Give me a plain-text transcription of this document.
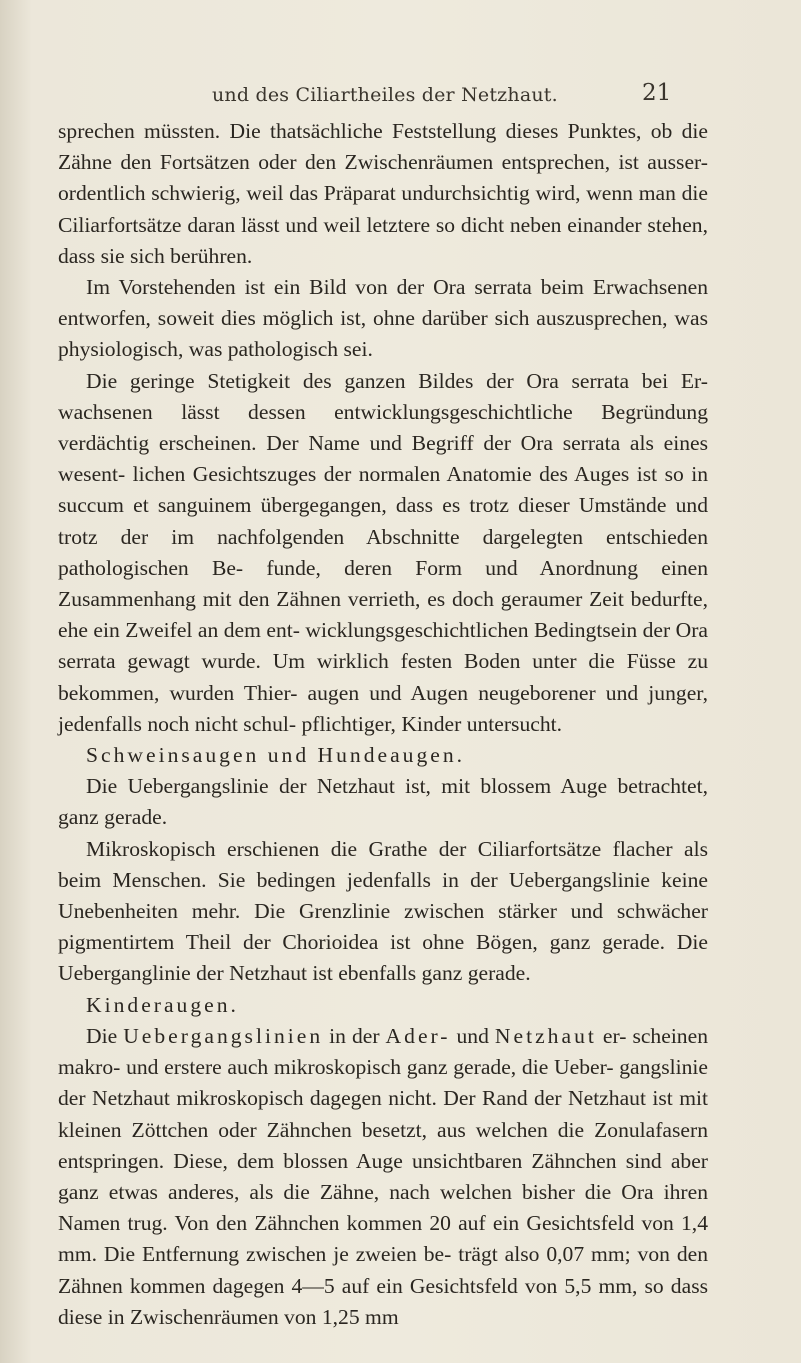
und des Ciliartheiles der Netzhaut.	21

sprechen müssten. Die thatsächliche Feststellung dieses Punktes, ob die Zähne den Fortsätzen oder den Zwischenräumen entsprechen, ist ausser- ordentlich schwierig, weil das Präparat undurchsichtig wird, wenn man die Ciliarfortsätze daran lässt und weil letztere so dicht neben einander stehen, dass sie sich berühren.

Im Vorstehenden ist ein Bild von der Ora serrata beim Erwachsenen entworfen, soweit dies möglich ist, ohne darüber sich auszusprechen, was physiologisch, was pathologisch sei.

Die geringe Stetigkeit des ganzen Bildes der Ora serrata bei Er- wachsenen lässt dessen entwicklungsgeschichtliche Begründung verdächtig erscheinen. Der Name und Begriff der Ora serrata als eines wesent- lichen Gesichtszuges der normalen Anatomie des Auges ist so in succum et sanguinem übergegangen, dass es trotz dieser Umstände und trotz der im nachfolgenden Abschnitte dargelegten entschieden pathologischen Be- funde, deren Form und Anordnung einen Zusammenhang mit den Zähnen verrieth, es doch geraumer Zeit bedurfte, ehe ein Zweifel an dem ent- wicklungsgeschichtlichen Bedingtsein der Ora serrata gewagt wurde. Um wirklich festen Boden unter die Füsse zu bekommen, wurden Thier- augen und Augen neugeborener und junger, jedenfalls noch nicht schul- pflichtiger, Kinder untersucht.

Schweinsaugen und Hundeaugen.

Die Uebergangslinie der Netzhaut ist, mit blossem Auge betrachtet, ganz gerade.

Mikroskopisch erschienen die Grathe der Ciliarfortsätze flacher als beim Menschen. Sie bedingen jedenfalls in der Uebergangslinie keine Unebenheiten mehr. Die Grenzlinie zwischen stärker und schwächer pigmentirtem Theil der Chorioidea ist ohne Bögen, ganz gerade. Die Ueberganglinie der Netzhaut ist ebenfalls ganz gerade.

Kinderaugen.

Die Uebergangslinien in der Ader- und Netzhaut er- scheinen makro- und erstere auch mikroskopisch ganz gerade, die Ueber- gangslinie der Netzhaut mikroskopisch dagegen nicht. Der Rand der Netzhaut ist mit kleinen Zöttchen oder Zähnchen besetzt, aus welchen die Zonulafasern entspringen. Diese, dem blossen Auge unsichtbaren Zähnchen sind aber ganz etwas anderes, als die Zähne, nach welchen bisher die Ora ihren Namen trug. Von den Zähnchen kommen 20 auf ein Gesichtsfeld von 1,4 mm. Die Entfernung zwischen je zweien be- trägt also 0,07 mm; von den Zähnen kommen dagegen 4—5 auf ein Gesichtsfeld von 5,5 mm, so dass diese in Zwischenräumen von 1,25 mm
